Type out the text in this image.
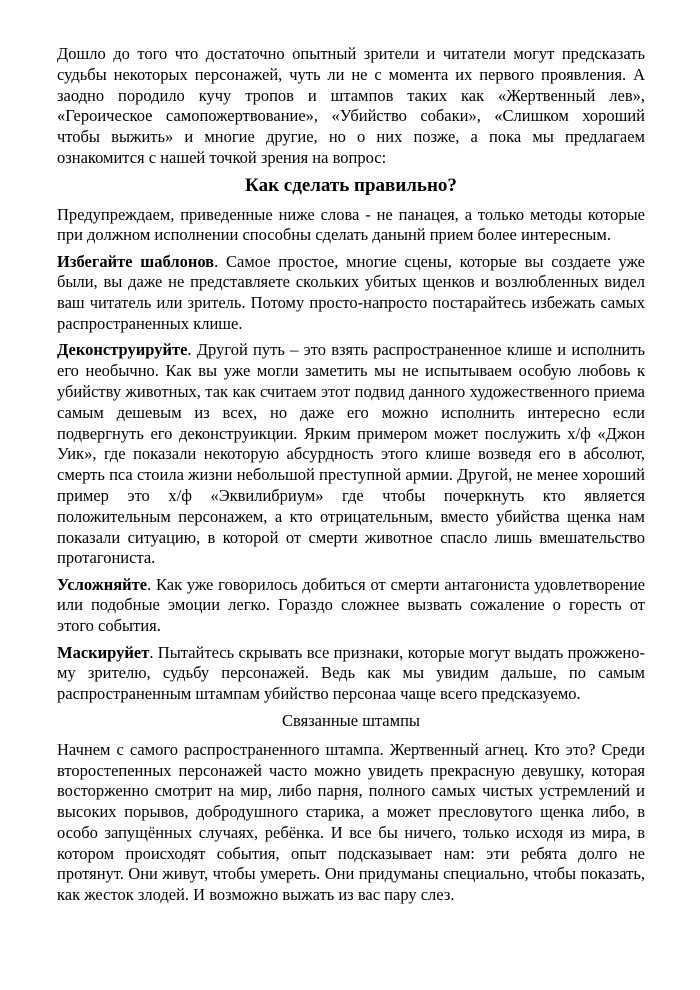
Дошло до того что достаточно опытный зрители и читатели могут предсказать судьбы некоторых персонажей, чуть ли не с момента их первого проявления. А заодно породило кучу тропов и штампов таких как «Жертвенный лев», «Героическое самопожертвование», «Убийство собаки», «Слишком хороший чтобы выжить» и многие другие, но о них позже, а пока мы предлагаем ознакомится с нашей точкой зрения на вопрос:

Как сделать правильно?

Предупреждаем, приведенные ниже слова - не панацея, а только методы которые при должном исполнении способны сделать данынй прием более интересным.

Избегайте шаблонов. Самое простое, многие сцены, которые вы создаете уже были, вы даже не представляете скольких убитых щенков и возлюбленных видел ваш читатель или зритель. Потому просто-напросто постарайтесь избежать самых распространенных клише.

Деконструируйте. Другой путь – это взять распространенное клише и исполнить его необычно. Как вы уже могли заметить мы не испытываем особую любовь к убийству животных, так как считаем этот подвид данного художественного приема самым дешевым из всех, но даже его можно исполнить интересно если подвергнуть его деконструикции. Ярким примером может послужить х/ф «Джон Уик», где показали некоторую абсурдность этого клише возведя его в абсолют, смерть пса стоила жизни небольшой преступной армии. Другой, не менее хороший пример это х/ф «Эквилибриум» где чтобы почеркнуть кто является положительным персонажем, а кто отрицательным, вместо убийства щенка нам показали ситуацию, в которой от смерти животное спасло лишь вмешательство протагониста.

Усложняйте. Как уже говорилось добиться от смерти антагониста удовлетворение или подобные эмоции легко. Гораздо сложнее вызвать сожаление о горесть от этого события.

Маскируйет. Пытайтесь скрывать все признаки, которые могут выдать прожженому зрителю, судьбу персонажей. Ведь как мы увидим дальше, по самым распространенным штампам убийство персонаа чаще всего предсказуемо.

Связанные штампы

Начнем с самого распространенного штампа. Жертвенный агнец. Кто это? Среди второстепенных персонажей часто можно увидеть прекрасную девушку, которая восторженно смотрит на мир, либо парня, полного самых чистых устремлений и высоких порывов, добродушного старика, а может пресловутого щенка либо, в особо запущённых случаях, ребёнка. И все бы ничего, только исходя из мира, в котором происходят события, опыт подсказывает нам: эти ребята долго не протянут. Они живут, чтобы умереть. Они придуманы специально, чтобы показать, как жесток злодей. И возможно выжать из вас пару слез.
